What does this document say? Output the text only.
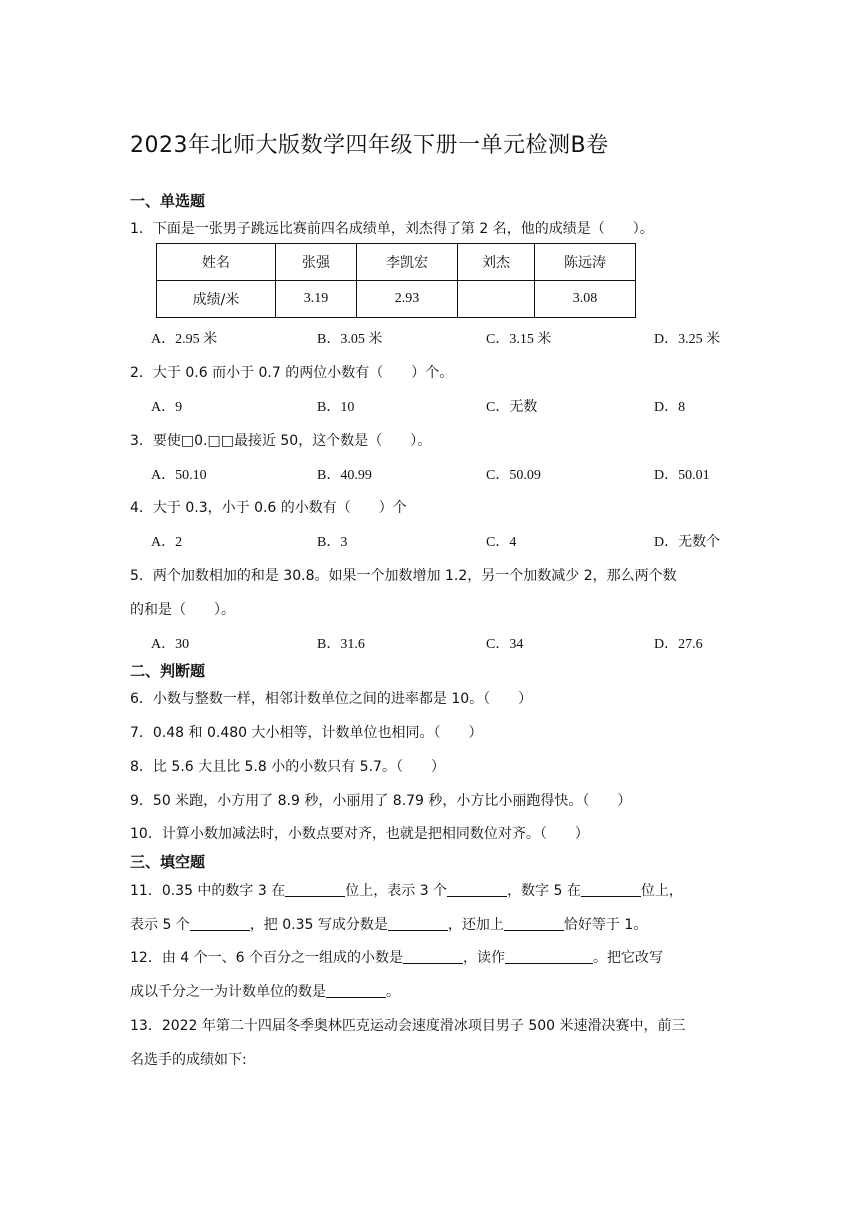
2023年北师大版数学四年级下册一单元检测B卷
一、单选题
1．下面是一张男子跳远比赛前四名成绩单，刘杰得了第 2 名，他的成绩是（　　）。
姓名	张强	李凯宏	刘杰	陈远涛
成绩/米	3.19	2.93		3.08
A．2.95 米	B．3.05 米	C．3.15 米	D．3.25 米
2．大于 0.6 而小于 0.7 的两位小数有（　　）个。
A．9	B．10	C．无数	D．8
3．要使□0.□□最接近 50，这个数是（　　）。
A．50.10	B．40.99	C．50.09	D．50.01
4．大于 0.3，小于 0.6 的小数有（　　）个
A．2	B．3	C．4	D．无数个
5．两个加数相加的和是 30.8。如果一个加数增加 1.2，另一个加数减少 2，那么两个数
的和是（　　）。
A．30	B．31.6	C．34	D．27.6
二、判断题
6．小数与整数一样，相邻计数单位之间的进率都是 10。（　　）
7．0.48 和 0.480 大小相等，计数单位也相同。（　　）
8．比 5.6 大且比 5.8 小的小数只有 5.7。（　　）
9．50 米跑，小方用了 8.9 秒，小丽用了 8.79 秒，小方比小丽跑得快。（　　）
10．计算小数加减法时，小数点要对齐，也就是把相同数位对齐。（　　）
三、填空题
11．0.35 中的数字 3 在	位上，表示 3 个	，数字 5 在	位上，
表示 5 个	，把 0.35 写成分数是	，还加上	恰好等于 1。
12．由 4 个一、6 个百分之一组成的小数是	，读作	。把它改写
成以千分之一为计数单位的数是	。
13．2022 年第二十四届冬季奥林匹克运动会速度滑冰项目男子 500 米速滑决赛中，前三
名选手的成绩如下:
